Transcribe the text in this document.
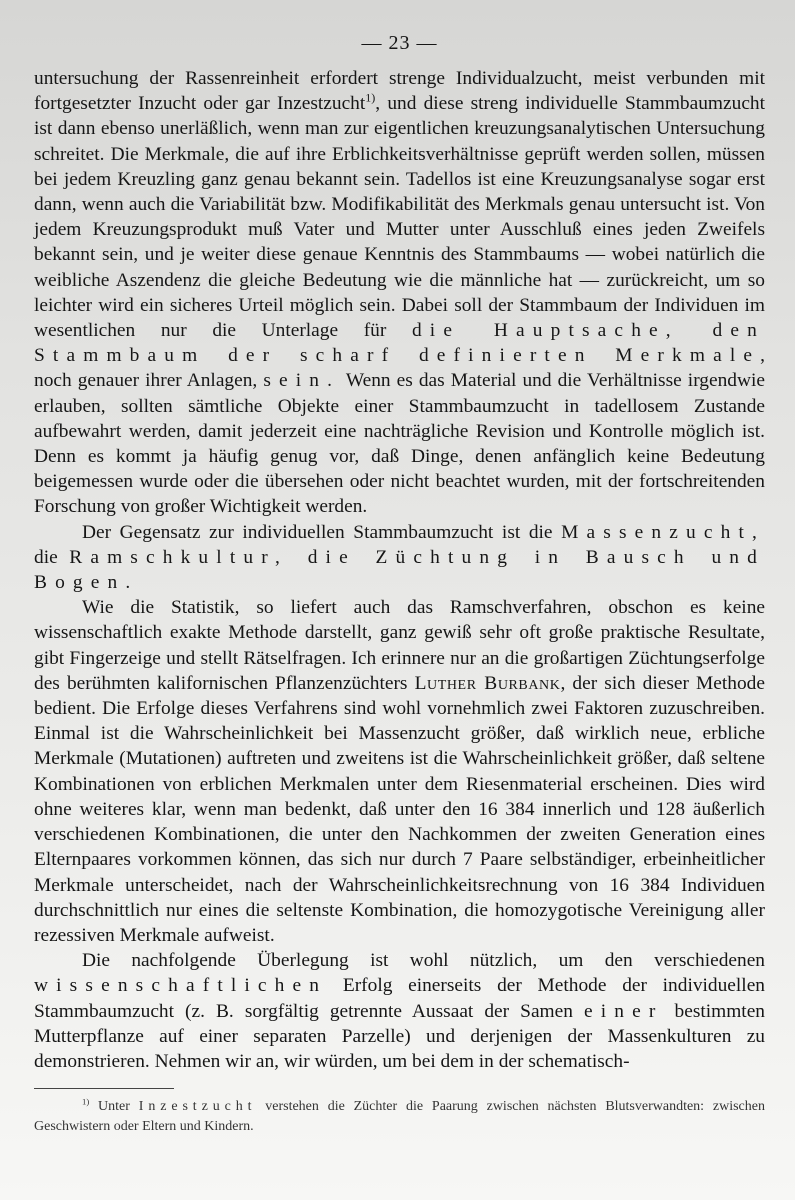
— 23 —

untersuchung der Rassenreinheit erfordert strenge Individualzucht, meist verbunden mit fortgesetzter Inzucht oder gar Inzestzucht$^{1)}$, und diese streng individuelle Stammbaumzucht ist dann ebenso unerläßlich, wenn man zur eigentlichen kreuzungsanalytischen Untersuchung schreitet. Die Merkmale, die auf ihre Erblichkeitsverhältnisse geprüft werden sollen, müssen bei jedem Kreuzling ganz genau bekannt sein. Tadellos ist eine Kreuzungsanalyse sogar erst dann, wenn auch die Variabilität bzw. Modifikabilität des Merkmals genau untersucht ist. Von jedem Kreuzungsprodukt muß Vater und Mutter unter Ausschluß eines jeden Zweifels bekannt sein, und je weiter diese genaue Kenntnis des Stammbaums — wobei natürlich die weibliche Aszendenz die gleiche Bedeutung wie die männliche hat — zurückreicht, um so leichter wird ein sicheres Urteil möglich sein. Dabei soll der Stammbaum der Individuen im wesentlichen nur die Unterlage für die Hauptsache, den Stammbaum der scharf definierten Merkmale, noch genauer ihrer Anlagen, sein. Wenn es das Material und die Verhältnisse irgendwie erlauben, sollten sämtliche Objekte einer Stammbaumzucht in tadellosem Zustande aufbewahrt werden, damit jederzeit eine nachträgliche Revision und Kontrolle möglich ist. Denn es kommt ja häufig genug vor, daß Dinge, denen anfänglich keine Bedeutung beigemessen wurde oder die übersehen oder nicht beachtet wurden, mit der fortschreitenden Forschung von großer Wichtigkeit werden.

Der Gegensatz zur individuellen Stammbaumzucht ist die Massenzucht, die Ramschkultur, die Züchtung in Bausch und Bogen.

Wie die Statistik, so liefert auch das Ramschverfahren, obschon es keine wissenschaftlich exakte Methode darstellt, ganz gewiß sehr oft große praktische Resultate, gibt Fingerzeige und stellt Rätselfragen. Ich erinnere nur an die großartigen Züchtungserfolge des berühmten kalifornischen Pflanzenzüchters Luther Burbank, der sich dieser Methode bedient. Die Erfolge dieses Verfahrens sind wohl vornehmlich zwei Faktoren zuzuschreiben. Einmal ist die Wahrscheinlichkeit bei Massenzucht größer, daß wirklich neue, erbliche Merkmale (Mutationen) auftreten und zweitens ist die Wahrscheinlichkeit größer, daß seltene Kombinationen von erblichen Merkmalen unter dem Riesenmaterial erscheinen. Dies wird ohne weiteres klar, wenn man bedenkt, daß unter den 16 384 innerlich und 128 äußerlich verschiedenen Kombinationen, die unter den Nachkommen der zweiten Generation eines Elternpaares vorkommen können, das sich nur durch 7 Paare selbständiger, erbeinheitlicher Merkmale unterscheidet, nach der Wahrscheinlichkeitsrechnung von 16 384 Individuen durchschnittlich nur eines die seltenste Kombination, die homozygotische Vereinigung aller rezessiven Merkmale aufweist.

Die nachfolgende Überlegung ist wohl nützlich, um den verschiedenen wissenschaftlichen Erfolg einerseits der Methode der individuellen Stammbaumzucht (z. B. sorgfältig getrennte Aussaat der Samen einer bestimmten Mutterpflanze auf einer separaten Parzelle) und derjenigen der Massenkulturen zu demonstrieren. Nehmen wir an, wir würden, um bei dem in der schematisch-

$^{1)}$ Unter Inzestzucht verstehen die Züchter die Paarung zwischen nächsten Blutsverwandten: zwischen Geschwistern oder Eltern und Kindern.
